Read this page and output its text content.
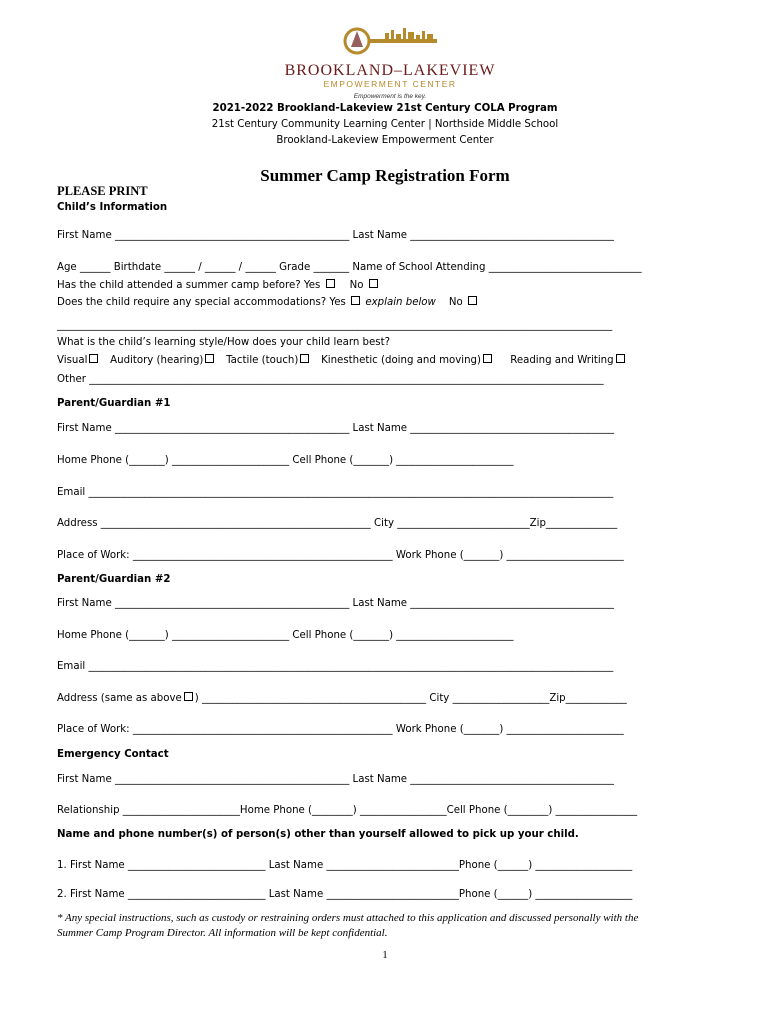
BROOKLAND–LAKEVIEW
EMPOWERMENT CENTER
Empowerment is the key.
2021-2022 Brookland-Lakeview 21st Century COLA Program
21st Century Community Learning Center | Northside Middle School
Brookland-Lakeview Empowerment Center
Summer Camp Registration Form
PLEASE PRINT
Child’s Information
First Name ______________________________________________ Last Name ________________________________________
Age ______ Birthdate ______ / ______ / ______ Grade _______ Name of School Attending ______________________________
Has the child attended a summer camp before? Yes	No
Does the child require any special accommodations? Yes explain below No
_____________________________________________________________________________________________________________
What is the child’s learning style/How does your child learn best?
Visual Auditory (hearing) Tactile (touch) Kinesthetic (doing and moving)	Reading and Writing
Other _____________________________________________________________________________________________________
Parent/Guardian #1
First Name ______________________________________________ Last Name ________________________________________
Home Phone (_______) _______________________ Cell Phone (_______) _______________________
Email _______________________________________________________________________________________________________
Address _____________________________________________________ City __________________________Zip______________
Place of Work: ___________________________________________________ Work Phone (_______) _______________________
Parent/Guardian #2
First Name ______________________________________________ Last Name ________________________________________
Home Phone (_______) _______________________ Cell Phone (_______) _______________________
Email _______________________________________________________________________________________________________
Address (same as above ) ____________________________________________ City ___________________Zip____________
Place of Work: ___________________________________________________ Work Phone (_______) _______________________
Emergency Contact
First Name ______________________________________________ Last Name ________________________________________
Relationship _______________________Home Phone (________) _________________Cell Phone (________) ________________
Name and phone number(s) of person(s) other than yourself allowed to pick up your child.
1. First Name ___________________________ Last Name __________________________Phone (______) ___________________
2. First Name ___________________________ Last Name __________________________Phone (______) ___________________
* Any special instructions, such as custody or restraining orders must attached to this application and discussed personally with the
Summer Camp Program Director. All information will be kept confidential.
1
